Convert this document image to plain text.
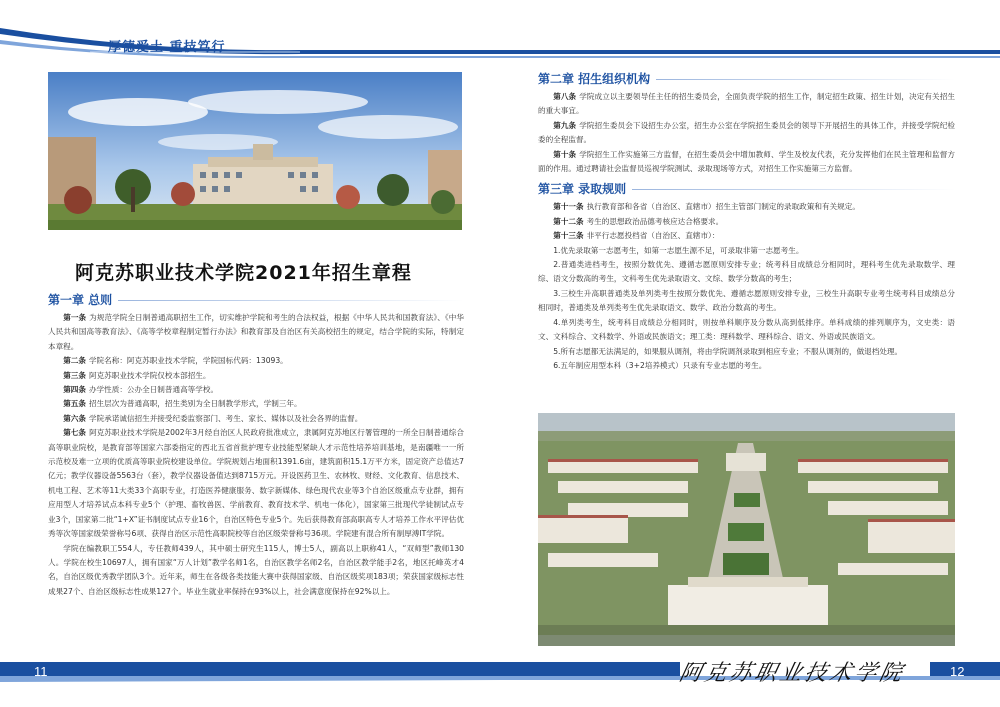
厚德爱土 重技笃行
阿克苏职业技术学院2021年招生章程
第一章 总则

第一条 为规范学院全日制普通高职招生工作，切实维护学院和考生的合法权益，根据《中华人民共和国教育法》、《中华人民共和国高等教育法》、《高等学校章程制定暂行办法》和教育部及自治区有关高校招生的规定，结合学院的实际，特制定本章程。

第二条 学院名称：阿克苏职业技术学院，学院国标代码：13093。

第三条 阿克苏职业技术学院仅校本部招生。

第四条 办学性质：公办全日制普通高等学校。

第五条 招生层次为普通高职，招生类别为全日制教学形式，学制三年。

第六条 学院承诺诚信招生并接受纪委监察部门、考生、家长、媒体以及社会各界的监督。

第七条 阿克苏职业技术学院是2002年3月经自治区人民政府批准成立，隶属阿克苏地区行署管理的一所全日制普通综合高等职业院校，是教育部等国家六部委指定的西北五省首批护理专业技能型紧缺人才示范性培养培训基地，是南疆唯一一所示范校及难一立项的优质高等职业院校建设单位。学院规划占地面积1391.6亩，建筑面积15.1万平方米，固定资产总值达7亿元；教学仪器设备5563台（套），教学仪器设备值达到8715万元。开设医药卫生、农林牧、财经、文化教育、信息技术、机电工程、艺术等11大类33个高职专业，打造医养健康服务、数字新媒体、绿色现代农业等3个自治区级重点专业群，拥有应用型人才培养试点本科专业5个（护理、畜牧兽医、学前教育、教育技术学、机电一体化），国家第三批现代学徒制试点专业3个，国家第二批“1+X”证书制度试点专业16个，自治区特色专业5个。先后获得教育部高职高专人才培养工作水平评估优秀等次等国家级荣誉称号6项、获得自治区示范性高职院校等自治区级荣誉称号36项。学院建有混合所有制厚溥IT学院。

学院在编教职工554人，专任教师439人，其中硕士研究生115人，博士5人，副高以上职称41人，“双师型”教师130人。学院在校生10697人，拥有国家“万人计划”教学名师1名，自治区教学名师2名，自治区教学能手2名，地区托峰英才4名，自治区级优秀教学团队3个。近年来，师生在各级各类技能大赛中获得国家级、自治区级奖项183项；荣获国家级标志性成果27个、自治区级标志性成果127个。毕业生就业率保持在93%以上，社会满意度保持在92%以上。

第二章 招生组织机构

第八条 学院成立以主要领导任主任的招生委员会，全面负责学院的招生工作，制定招生政策、招生计划，决定有关招生的重大事宜。

第九条 学院招生委员会下设招生办公室，招生办公室在学院招生委员会的领导下开展招生的具体工作，并接受学院纪检委的全程监督。

第十条 学院招生工作实施第三方监督，在招生委员会中增加教师、学生及校友代表，充分发挥他们在民主管理和监督方面的作用。通过聘请社会监督员巡视学院测试、录取现场等方式，对招生工作实施第三方监督。

第三章 录取规则

第十一条 执行教育部和各省（自治区、直辖市）招生主管部门制定的录取政策和有关规定。

第十二条 考生的思想政治品德考核应达合格要求。

第十三条 非平行志愿投档省（自治区、直辖市）：

1.优先录取第一志愿考生，如第一志愿生源不足，可录取非第一志愿考生。

2.普通类进档考生，按照分数优先、遵循志愿原则安排专业；统考科目成绩总分相同时，理科考生优先录取数学、理综、语文分数高的考生，文科考生优先录取语文、文综、数学分数高的考生；

3.三校生升高职普通类及单列类考生按照分数优先、遵循志愿原则安排专业，三校生升高职专业考生统考科目成绩总分相同时，普通类及单列类考生优先录取语文、数学、政治分数高的考生。

4.单列类考生，统考科目成绩总分相同时，则按单科顺序及分数从高到低排序。单科成绩的排列顺序为，文史类：语文、文科综合、文科数学、外语或民族语文；理工类：理科数学、理科综合、语文、外语或民族语文。

5.所有志愿都无法满足的，如果服从调剂，将由学院调剂录取到相应专业；不服从调剂的，做退档处理。

6.五年制应用型本科（3+2培养模式）只录有专业志愿的考生。

11	12
阿克苏职业技术学院
